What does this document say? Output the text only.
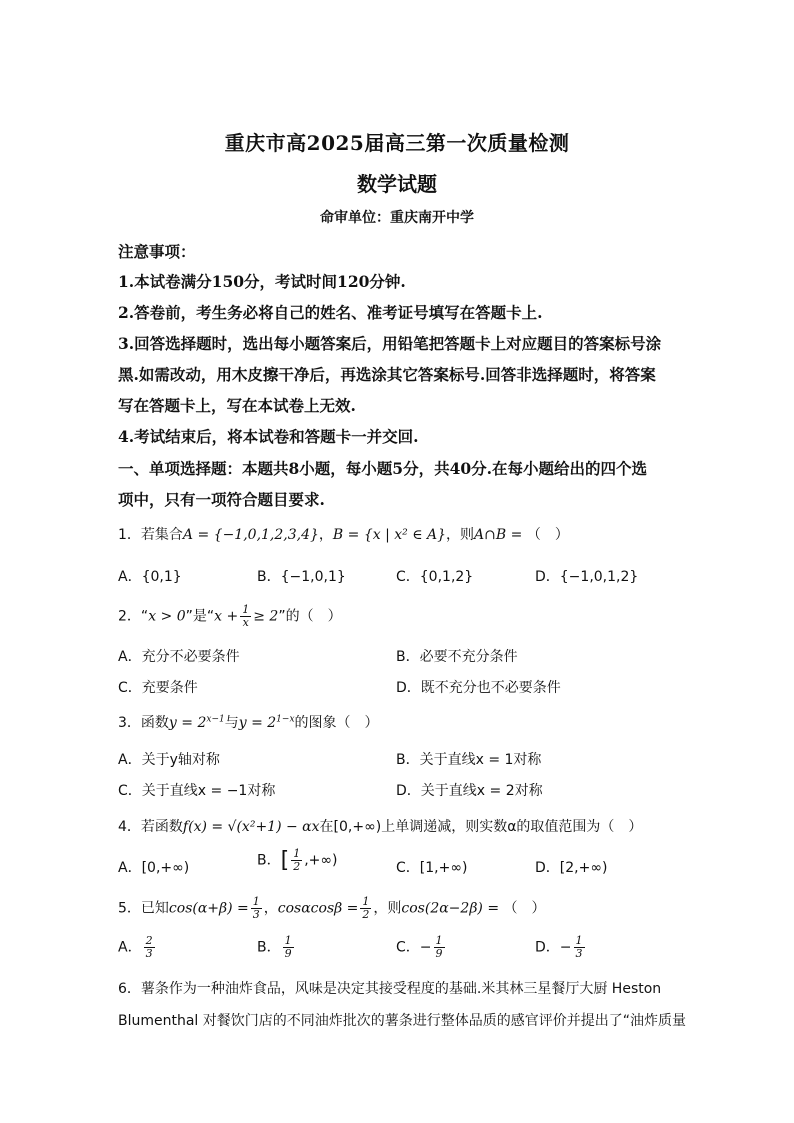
重庆市高2025届高三第一次质量检测
数学试题
命审单位：重庆南开中学
注意事项：
1.本试卷满分150分，考试时间120分钟.
2.答卷前，考生务必将自己的姓名、准考证号填写在答题卡上.
3.回答选择题时，选出每小题答案后，用铅笔把答题卡上对应题目的答案标号涂
黑.如需改动，用木皮擦干净后，再选涂其它答案标号.回答非选择题时，将答案
写在答题卡上，写在本试卷上无效.
4.考试结束后，将本试卷和答题卡一并交回.
一、单项选择题：本题共8小题，每小题5分，共40分.在每小题给出的四个选
项中，只有一项符合题目要求.
1．若集合A = {−1,0,1,2,3,4}，B = {x | x² ∈ A}，则A∩B = （　）
A．{0,1}	B．{−1,0,1}	C．{0,1,2}	D．{−1,0,1,2}
2．“x > 0”是“$x + \frac{1}{x} \ge 2$”的（　）
A．充分不必要条件	B．必要不充分条件
C．充要条件	D．既不充分也不必要条件
3．函数$y = 2^{x-1}$与$y = 2^{1-x}$的图象（　）
A．关于y轴对称	B．关于直线x = 1对称
C．关于直线x = −1对称	D．关于直线x = 2对称
4．若函数f(x) = √(x²+1) − αx在[0,+∞)上单调递减，则实数α的取值范围为（　）
A．[0,+∞)	B．[ $\frac{1}{2}$ ,+∞)	C．[1,+∞)	D．[2,+∞)
5．已知$\cos(\alpha+\beta) = \frac{1}{3}$ ，$\cos\alpha\cos\beta = \frac{1}{2}$ ，则cos(2α−2β) = （　）
A． $\frac{2}{3}$	B． $\frac{1}{9}$	C．− $\frac{1}{9}$	D．− $\frac{1}{3}$
6．薯条作为一种油炸食品，风味是决定其接受程度的基础.米其林三星餐厅大厨 Heston
Blumenthal 对餐饮门店的不同油炸批次的薯条进行整体品质的感官评价并提出了“油炸质量
